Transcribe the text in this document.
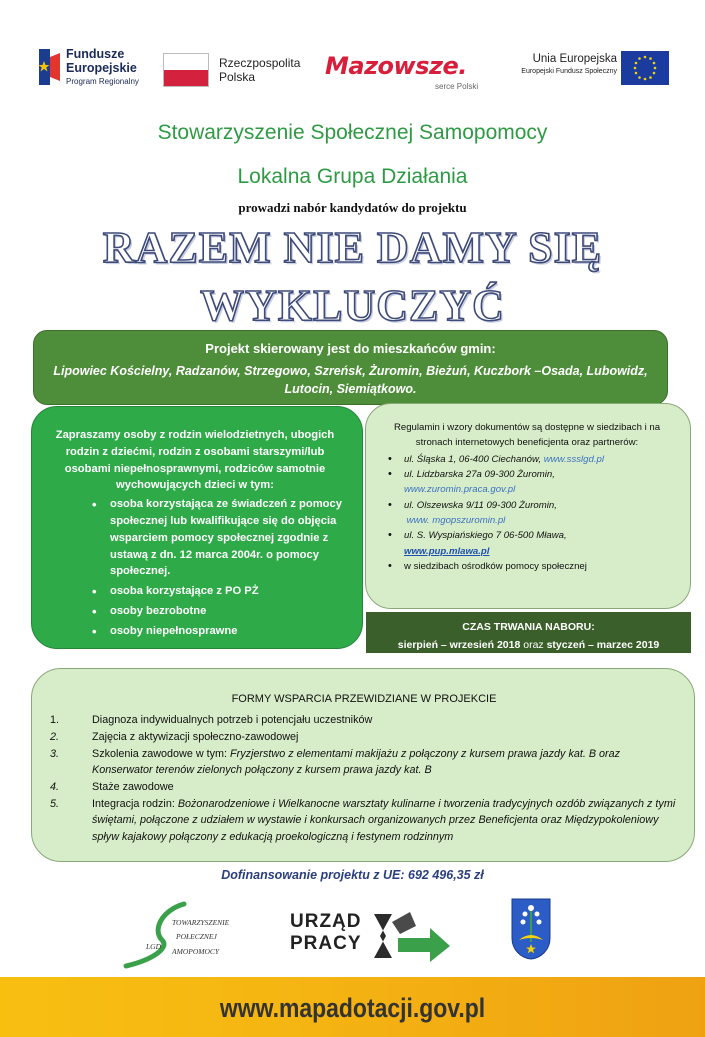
Fundusze
Europejskie
Program Regionalny
Rzeczpospolita
Polska	Mazowsze.
serce Polski
Unia Europejska
Europejski Fundusz Społeczny
Stowarzyszenie Społecznej Samopomocy
Lokalna Grupa Działania
prowadzi nabór kandydatów do projektu
RAZEM NIE DAMY SIĘ
WYKLUCZYĆ
Projekt skierowany jest do mieszkańców gmin:
Lipowiec Kościelny, Radzanów, Strzegowo, Szreńsk, Żuromin, Bieżuń, Kuczbork –Osada, Lubowidz, Lutocin, Siemiątkowo.
Zapraszamy osoby z rodzin wielodzietnych, ubogich rodzin z dziećmi, rodzin z osobami starszymi/lub osobami niepełnosprawnymi, rodziców samotnie wychowujących dzieci w tym:
• osoba korzystająca ze świadczeń z pomocy społecznej lub kwalifikujące się do objęcia wsparciem pomocy społecznej zgodnie z ustawą z dn. 12 marca 2004r. o pomocy społecznej.
• osoba korzystające z PO PŻ
• osoby bezrobotne
• osoby niepełnosprawne
Regulamin i wzory dokumentów są dostępne w siedzibach i na stronach internetowych beneficjenta oraz partnerów:
• ul. Śląska 1, 06-400 Ciechanów, www.ssslgd.pl
• ul. Lidzbarska 27a 09-300 Żuromin,
www.zuromin.praca.gov.pl
• ul. Olszewska 9/11 09-300 Żuromin,
www. mgopszuromin.pl
• ul. S. Wyspiańskiego 7 06-500 Mława,
www.pup.mlawa.pl
• w siedzibach ośrodków pomocy społecznej
CZAS TRWANIA NABORU:
sierpień – wrzesień 2018 oraz styczeń – marzec 2019
FORMY WSPARCIA PRZEWIDZIANE W PROJEKCIE
1.	Diagnoza indywidualnych potrzeb i potencjału uczestników
2.	Zajęcia z aktywizacji społeczno-zawodowej
3.	Szkolenia zawodowe w tym: Fryzjerstwo z elementami makijażu z połączony z kursem prawa jazdy kat. B oraz Konserwator terenów zielonych połączony z kursem prawa jazdy kat. B
4.	Staże zawodowe
5.	Integracja rodzin: Bożonarodzeniowe i Wielkanocne warsztaty kulinarne i tworzenia tradycyjnych ozdób związanych z tymi świętami, połączone z udziałem w wystawie i konkursach organizowanych przez Beneficjenta oraz Międzypokoleniowy spływ kajakowy połączony z edukacją proekologiczną i festynem rodzinnym
Dofinansowanie projektu z UE: 692 496,35 zł
TOWARZYSZENIE
POŁECZNEJ
AMOPOMOCY
LGD
URZĄD
PRACY
www.mapadotacji.gov.pl
